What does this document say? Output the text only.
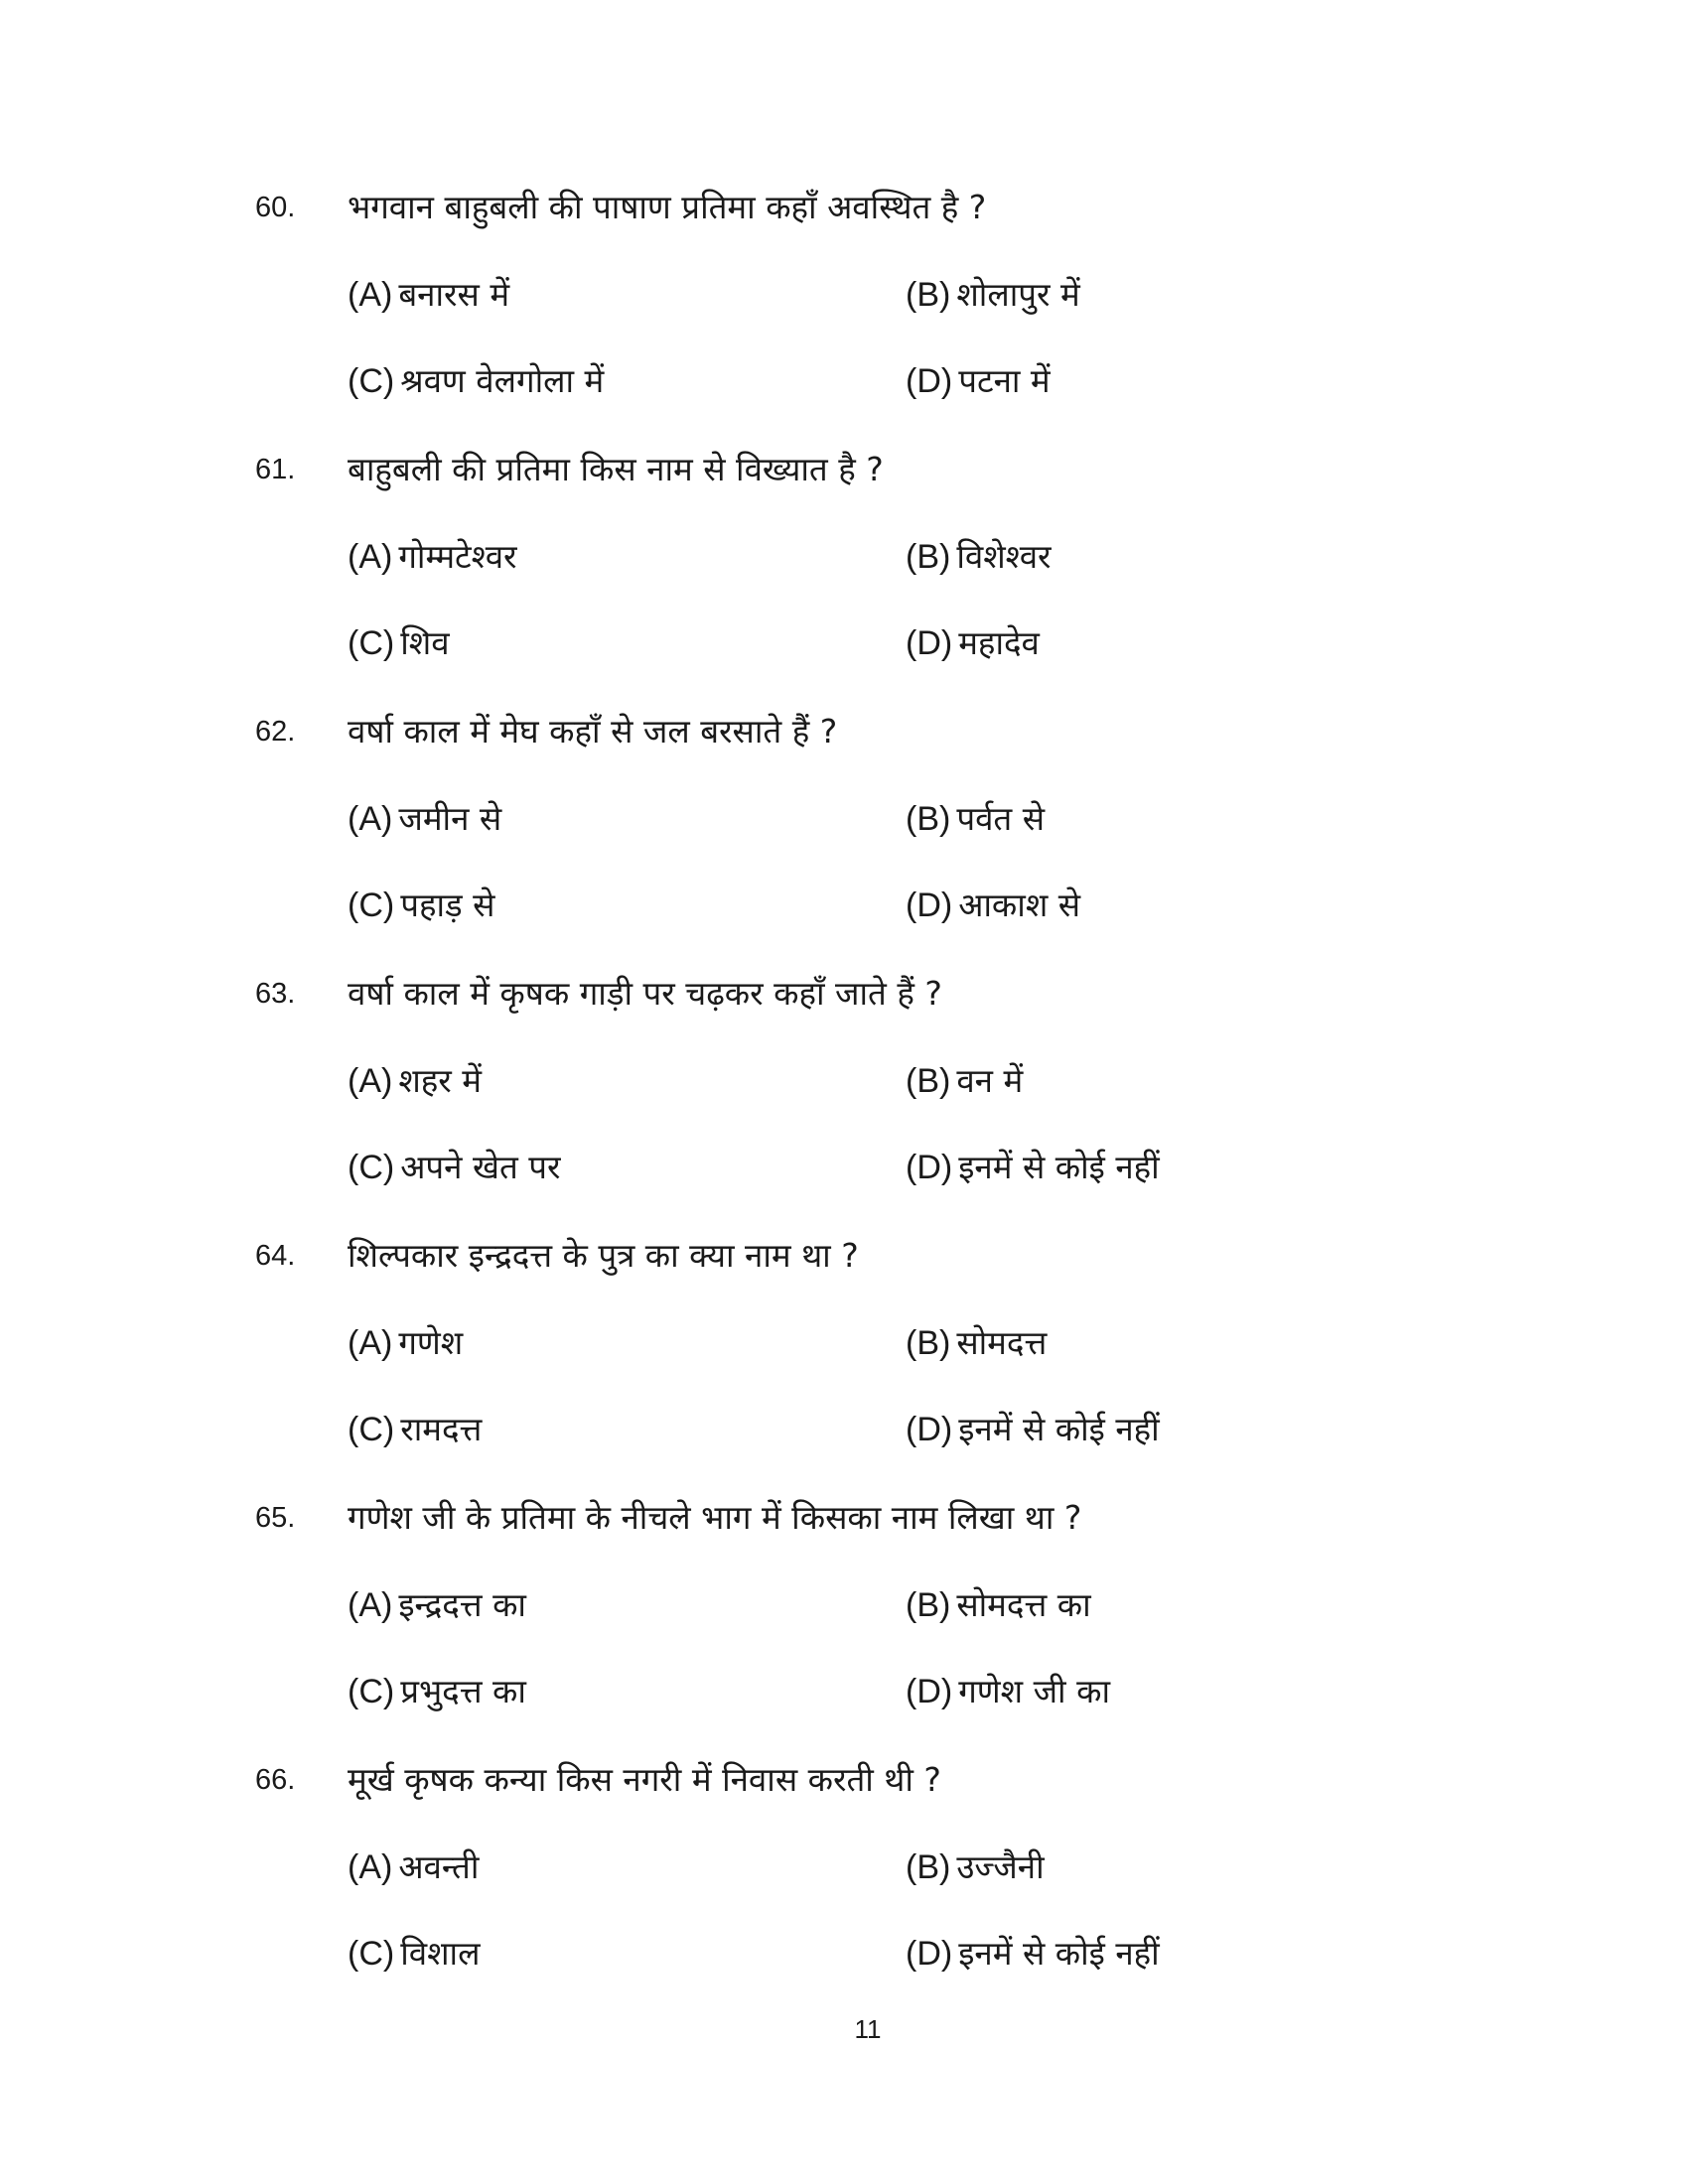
60. भगवान बाहुबली की पाषाण प्रतिमा कहाँ अवस्थित है ?
(A) बनारस में	(B) शोलापुर में
(C) श्रवण वेलगोला में	(D) पटना में
61. बाहुबली की प्रतिमा किस नाम से विख्यात है ?
(A) गोम्मटेश्वर	(B) विशेश्वर
(C) शिव	(D) महादेव
62. वर्षा काल में मेघ कहाँ से जल बरसाते हैं ?
(A) जमीन से	(B) पर्वत से
(C) पहाड़ से	(D) आकाश से
63. वर्षा काल में कृषक गाड़ी पर चढ़कर कहाँ जाते हैं ?
(A) शहर में	(B) वन में
(C) अपने खेत पर	(D) इनमें से कोई नहीं
64. शिल्पकार इन्द्रदत्त के पुत्र का क्या नाम था ?
(A) गणेश	(B) सोमदत्त
(C) रामदत्त	(D) इनमें से कोई नहीं
65. गणेश जी के प्रतिमा के नीचले भाग में किसका नाम लिखा था ?
(A) इन्द्रदत्त का	(B) सोमदत्त का
(C) प्रभुदत्त का	(D) गणेश जी का
66. मूर्ख कृषक कन्या किस नगरी में निवास करती थी ?
(A) अवन्ती	(B) उज्जैनी
(C) विशाल	(D) इनमें से कोई नहीं
11
